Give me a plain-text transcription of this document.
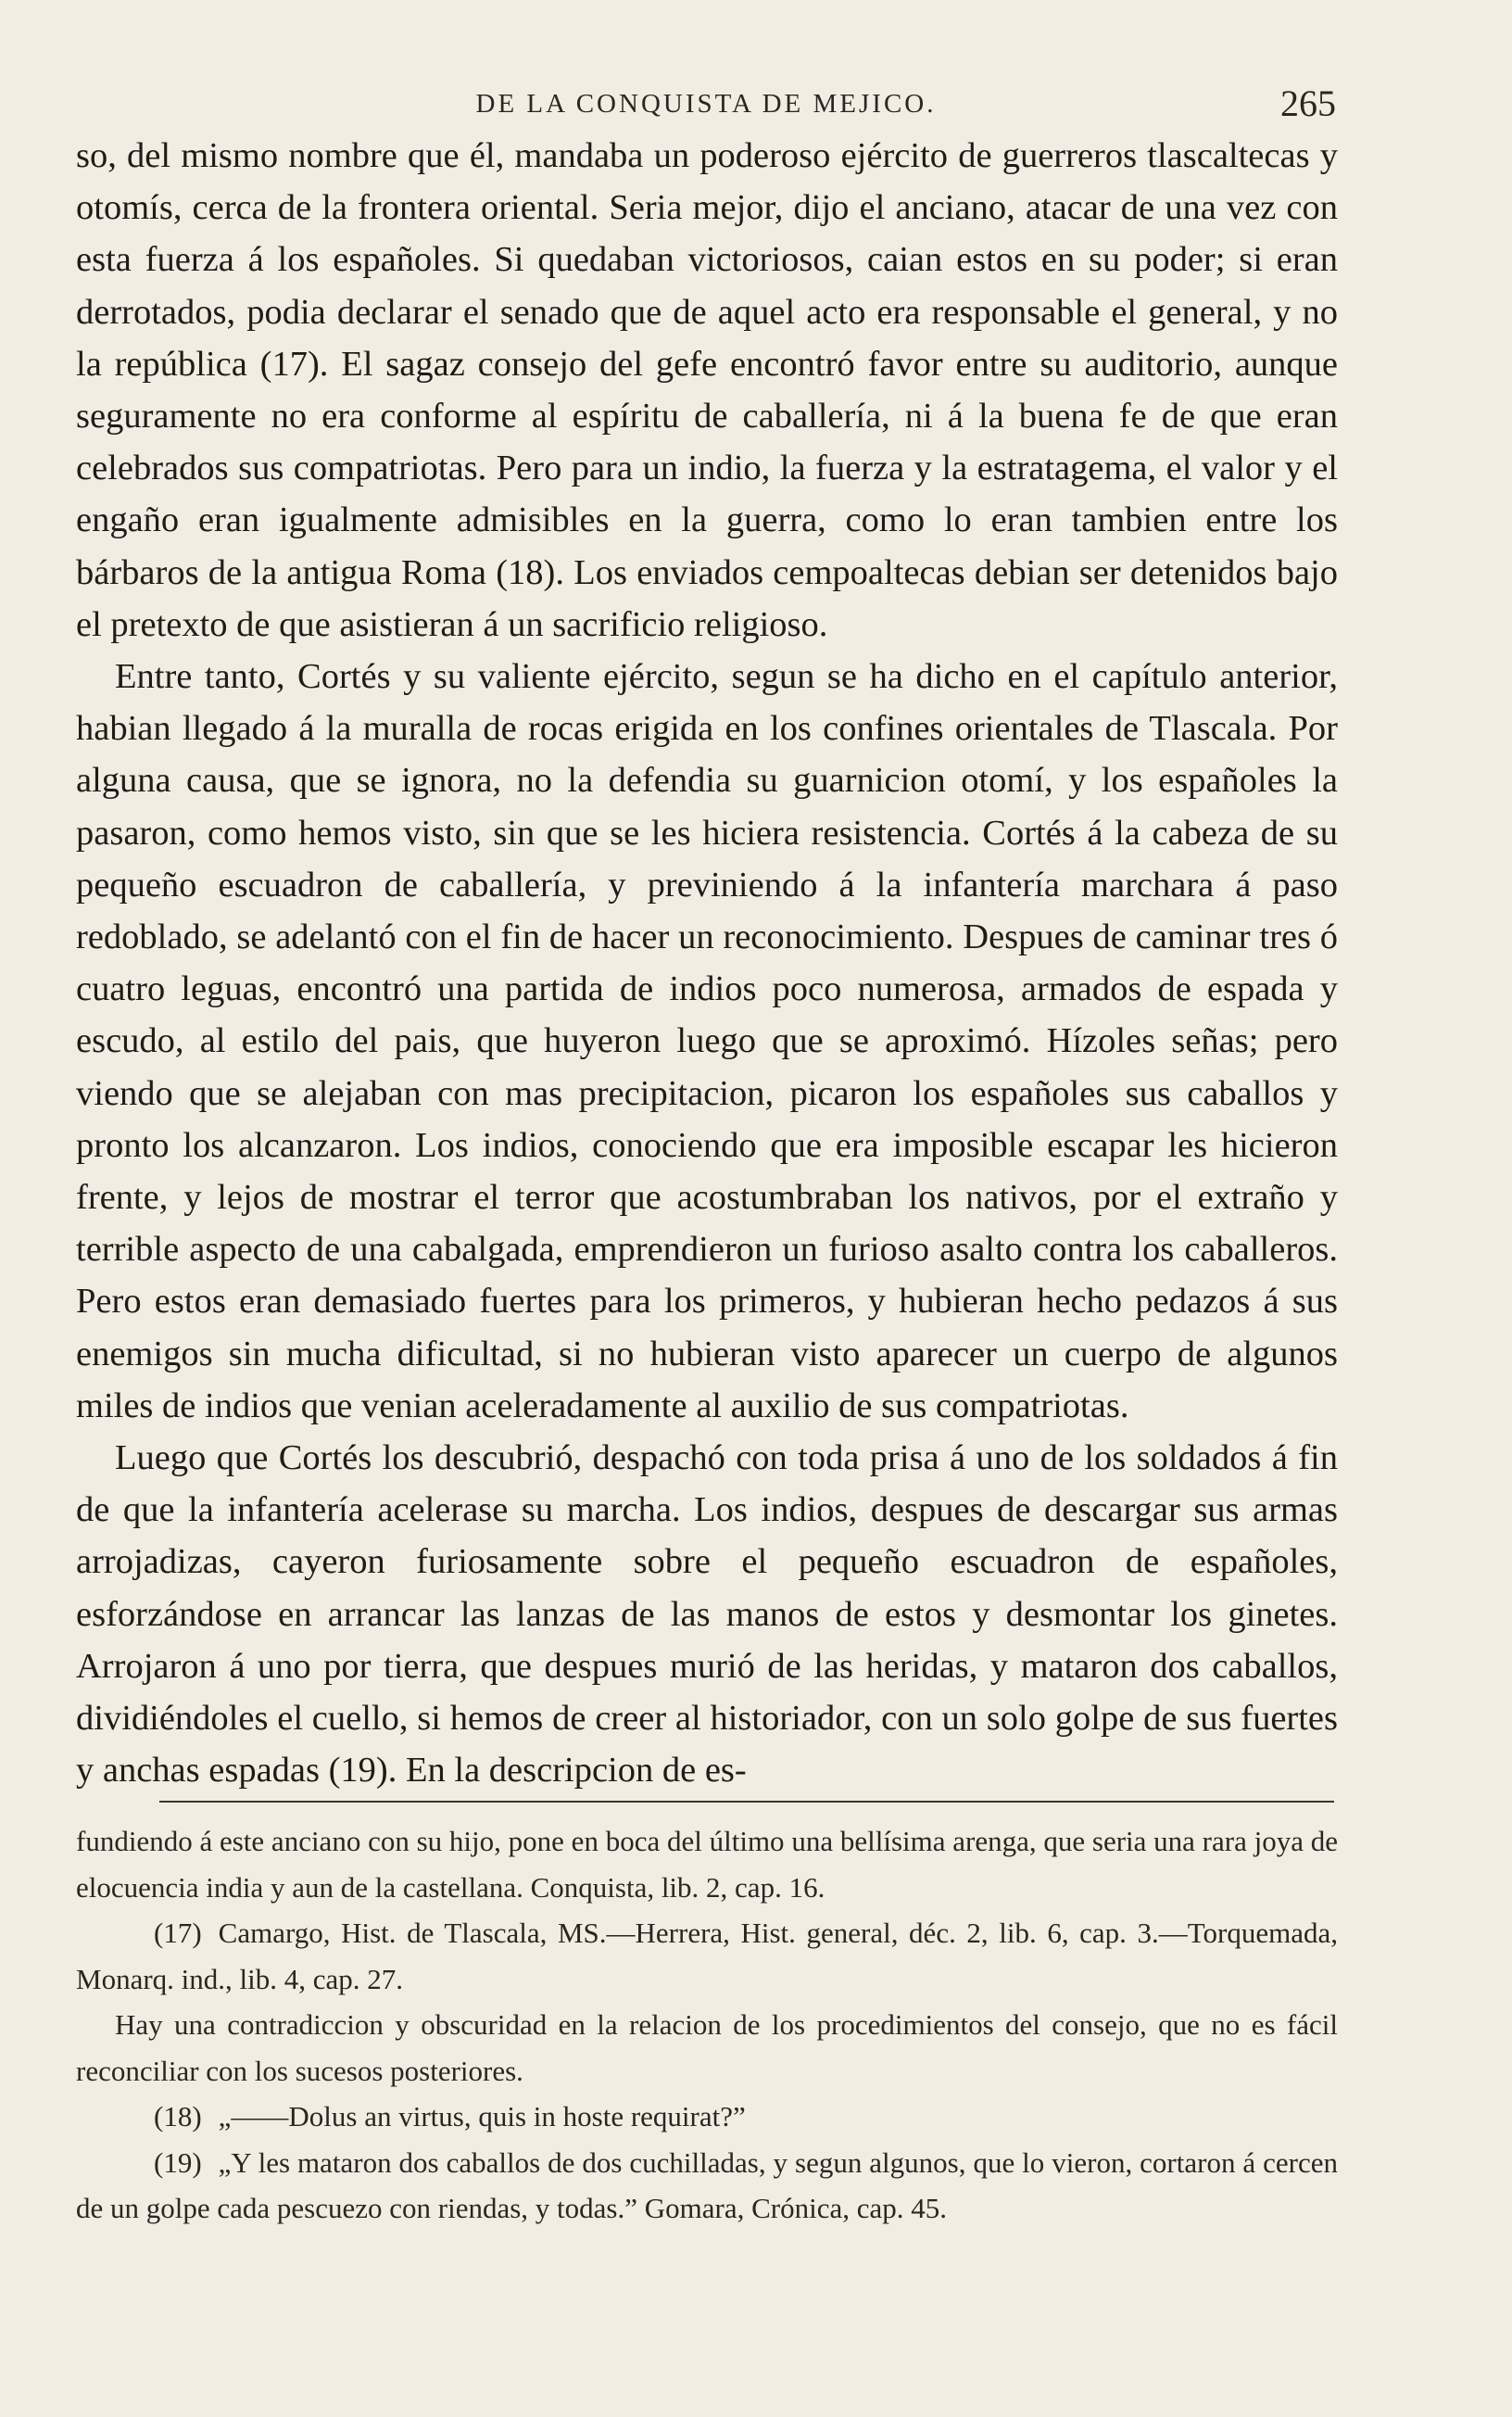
DE LA CONQUISTA DE MEJICO.	265

so, del mismo nombre que él, mandaba un poderoso ejército de guerreros tlascaltecas y otomís, cerca de la frontera oriental. Seria mejor, dijo el anciano, atacar de una vez con esta fuerza á los españoles. Si quedaban victoriosos, caian estos en su poder; si eran derrotados, podia declarar el senado que de aquel acto era responsable el general, y no la república (17). El sagaz consejo del gefe encontró favor entre su auditorio, aunque seguramente no era conforme al espíritu de caballería, ni á la buena fe de que eran celebrados sus compatriotas. Pero para un indio, la fuerza y la estratagema, el valor y el engaño eran igualmente admisibles en la guerra, como lo eran tambien entre los bárbaros de la antigua Roma (18). Los enviados cempoaltecas debian ser detenidos bajo el pretexto de que asistieran á un sacrificio religioso.

Entre tanto, Cortés y su valiente ejército, segun se ha dicho en el capítulo anterior, habian llegado á la muralla de rocas erigida en los confines orientales de Tlascala. Por alguna causa, que se ignora, no la defendia su guarnicion otomí, y los españoles la pasaron, como hemos visto, sin que se les hiciera resistencia. Cortés á la cabeza de su pequeño escuadron de caballería, y previniendo á la infantería marchara á paso redoblado, se adelantó con el fin de hacer un reconocimiento. Despues de caminar tres ó cuatro leguas, encontró una partida de indios poco numerosa, armados de espada y escudo, al estilo del pais, que huyeron luego que se aproximó. Hízoles señas; pero viendo que se alejaban con mas precipitacion, picaron los españoles sus caballos y pronto los alcanzaron. Los indios, conociendo que era imposible escapar les hicieron frente, y lejos de mostrar el terror que acostumbraban los nativos, por el extraño y terrible aspecto de una cabalgada, emprendieron un furioso asalto contra los caballeros. Pero estos eran demasiado fuertes para los primeros, y hubieran hecho pedazos á sus enemigos sin mucha dificultad, si no hubieran visto aparecer un cuerpo de algunos miles de indios que venian aceleradamente al auxilio de sus compatriotas.

Luego que Cortés los descubrió, despachó con toda prisa á uno de los soldados á fin de que la infantería acelerase su marcha. Los indios, despues de descargar sus armas arrojadizas, cayeron furiosamente sobre el pequeño escuadron de españoles, esforzándose en arrancar las lanzas de las manos de estos y desmontar los ginetes. Arrojaron á uno por tierra, que despues murió de las heridas, y mataron dos caballos, dividiéndoles el cuello, si hemos de creer al historiador, con un solo golpe de sus fuertes y anchas espadas (19). En la descripcion de es-

fundiendo á este anciano con su hijo, pone en boca del último una bellísima arenga, que seria una rara joya de elocuencia india y aun de la castellana. Conquista, lib. 2, cap. 16.

(17) Camargo, Hist. de Tlascala, MS.—Herrera, Hist. general, déc. 2, lib. 6, cap. 3.—Torquemada, Monarq. ind., lib. 4, cap. 27.

Hay una contradiccion y obscuridad en la relacion de los procedimientos del consejo, que no es fácil reconciliar con los sucesos posteriores.

(18) „——Dolus an virtus, quis in hoste requirat?”

(19) „Y les mataron dos caballos de dos cuchilladas, y segun algunos, que lo vieron, cortaron á cercen de un golpe cada pescuezo con riendas, y todas.” Gomara, Crónica, cap. 45.
